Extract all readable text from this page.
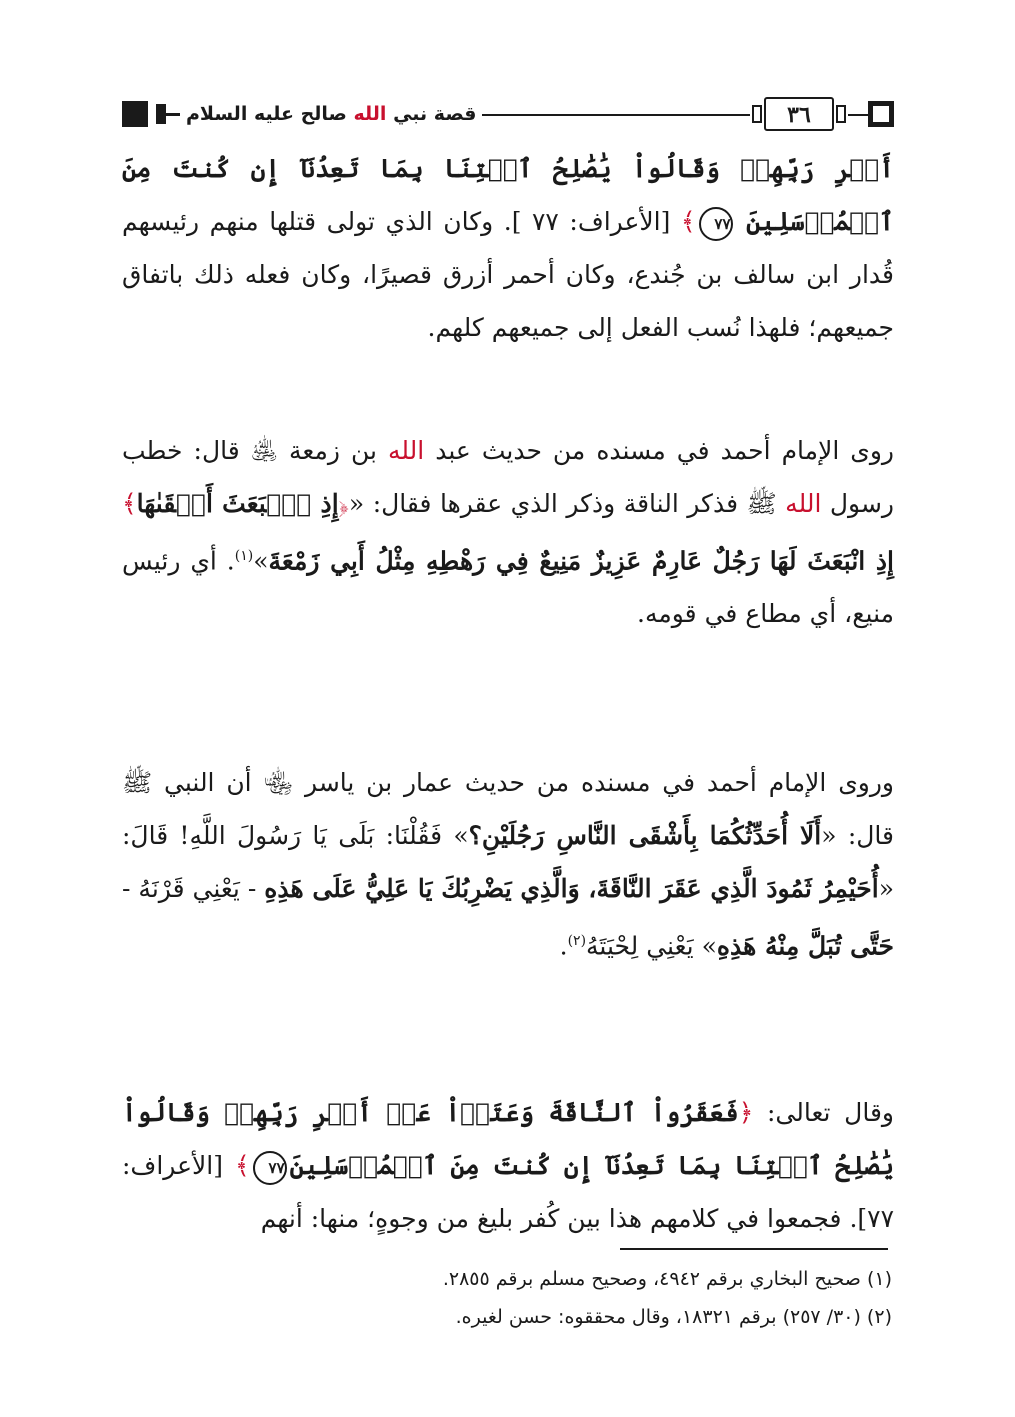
قصة نبي الله صالح عليه السلام	٣٦

أَمۡرِ رَبِّهِمۡ وَقَالُواْ يَٰصَٰلِحُ ٱئۡتِنَا بِمَا تَعِدُنَآ إِن كُنتَ مِنَ ٱلۡمُرۡسَلِينَ ٧٧﴾ [الأعراف: ٧٧ ]. وكان الذي تولى قتلها منهم رئيسهم قُدار ابن سالف بن جُندع، وكان أحمر أزرق قصيرًا، وكان فعله ذلك باتفاق جميعهم؛ فلهذا نُسب الفعل إلى جميعهم كلهم.

روى الإمام أحمد في مسنده من حديث عبد الله بن زمعة ﵁ قال: خطب رسول الله ﷺ فذكر الناقة وذكر الذي عقرها فقال: «﴿إِذِ ٱنۢبَعَثَ أَشۡقَىٰهَا﴾ إِذِ انْبَعَثَ لَهَا رَجُلٌ عَارِمٌ عَزِيزٌ مَنِيعٌ فِي رَهْطِهِ مِثْلُ أَبِي زَمْعَةَ»$^{(١)}$. أي رئيس منيع، أي مطاع في قومه.

وروى الإمام أحمد في مسنده من حديث عمار بن ياسر ﵄ أن النبي ﷺ قال: «أَلَا أُحَدِّثُكُمَا بِأَشْقَى النَّاسِ رَجُلَيْنِ؟» فَقُلْنَا: بَلَى يَا رَسُولَ اللَّهِ! قَالَ: «أُحَيْمِرُ ثَمُودَ الَّذِي عَقَرَ النَّاقَةَ، وَالَّذِي يَضْرِبُكَ يَا عَلِيُّ عَلَى هَذِهِ - يَعْنِي قَرْنَهُ - حَتَّى تُبَلَّ مِنْهُ هَذِهِ» يَعْنِي لِحْيَتَهُ$^{(٢)}$.

وقال تعالى: ﴿فَعَقَرُواْ ٱلنَّاقَةَ وَعَتَوۡاْ عَنۡ أَمۡرِ رَبِّهِمۡ وَقَالُواْ يَٰصَٰلِحُ ٱئۡتِنَا بِمَا تَعِدُنَآ إِن كُنتَ مِنَ ٱلۡمُرۡسَلِينَ٧٧﴾ [الأعراف: ٧٧]. فجمعوا في كلامهم هذا بين كُفر بليغ من وجوهٍ؛ منها: أنهم

(١) صحيح البخاري برقم ٤٩٤٢، وصحيح مسلم برقم ٢٨٥٥.

(٢) (٣٠/ ٢٥٧) برقم ١٨٣٢١، وقال محققوه: حسن لغيره.
